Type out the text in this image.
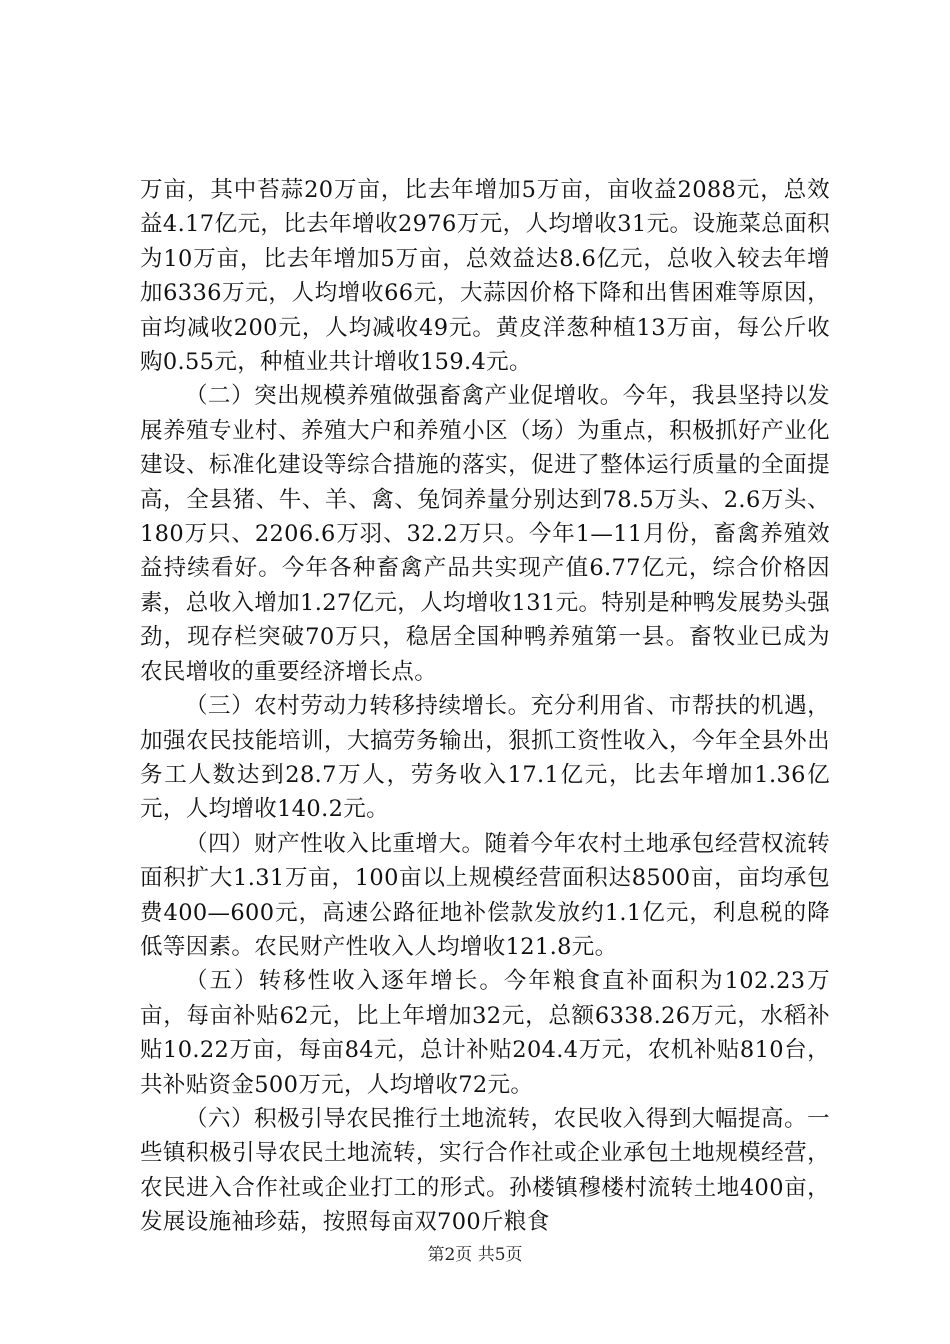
万亩，其中苔蒜20万亩，比去年增加5万亩，亩收益2088元，总效益4.17亿元，比去年增收2976万元，人均增收31元。设施菜总面积为10万亩，比去年增加5万亩，总效益达8.6亿元，总收入较去年增加6336万元，人均增收66元，大蒜因价格下降和出售困难等原因，亩均减收200元，人均减收49元。黄皮洋葱种植13万亩，每公斤收购0.55元，种植业共计增收159.4元。

（二）突出规模养殖做强畜禽产业促增收。今年，我县坚持以发展养殖专业村、养殖大户和养殖小区（场）为重点，积极抓好产业化建设、标准化建设等综合措施的落实，促进了整体运行质量的全面提高，全县猪、牛、羊、禽、兔饲养量分别达到78.5万头、2.6万头、180万只、2206.6万羽、32.2万只。今年1—11月份，畜禽养殖效益持续看好。今年各种畜禽产品共实现产值6.77亿元，综合价格因素，总收入增加1.27亿元，人均增收131元。特别是种鸭发展势头强劲，现存栏突破70万只，稳居全国种鸭养殖第一县。畜牧业已成为农民增收的重要经济增长点。

（三）农村劳动力转移持续增长。充分利用省、市帮扶的机遇，加强农民技能培训，大搞劳务输出，狠抓工资性收入，今年全县外出务工人数达到28.7万人，劳务收入17.1亿元，比去年增加1.36亿元，人均增收140.2元。

（四）财产性收入比重增大。随着今年农村土地承包经营权流转面积扩大1.31万亩，100亩以上规模经营面积达8500亩，亩均承包费400—600元，高速公路征地补偿款发放约1.1亿元，利息税的降低等因素。农民财产性收入人均增收121.8元。

（五）转移性收入逐年增长。今年粮食直补面积为102.23万亩，每亩补贴62元，比上年增加32元，总额6338.26万元，水稻补贴10.22万亩，每亩84元，总计补贴204.4万元，农机补贴810台，共补贴资金500万元，人均增收72元。

（六）积极引导农民推行土地流转，农民收入得到大幅提高。一些镇积极引导农民土地流转，实行合作社或企业承包土地规模经营，农民进入合作社或企业打工的形式。孙楼镇穆楼村流转土地400亩，发展设施袖珍菇，按照每亩双700斤粮食

第2页 共5页
